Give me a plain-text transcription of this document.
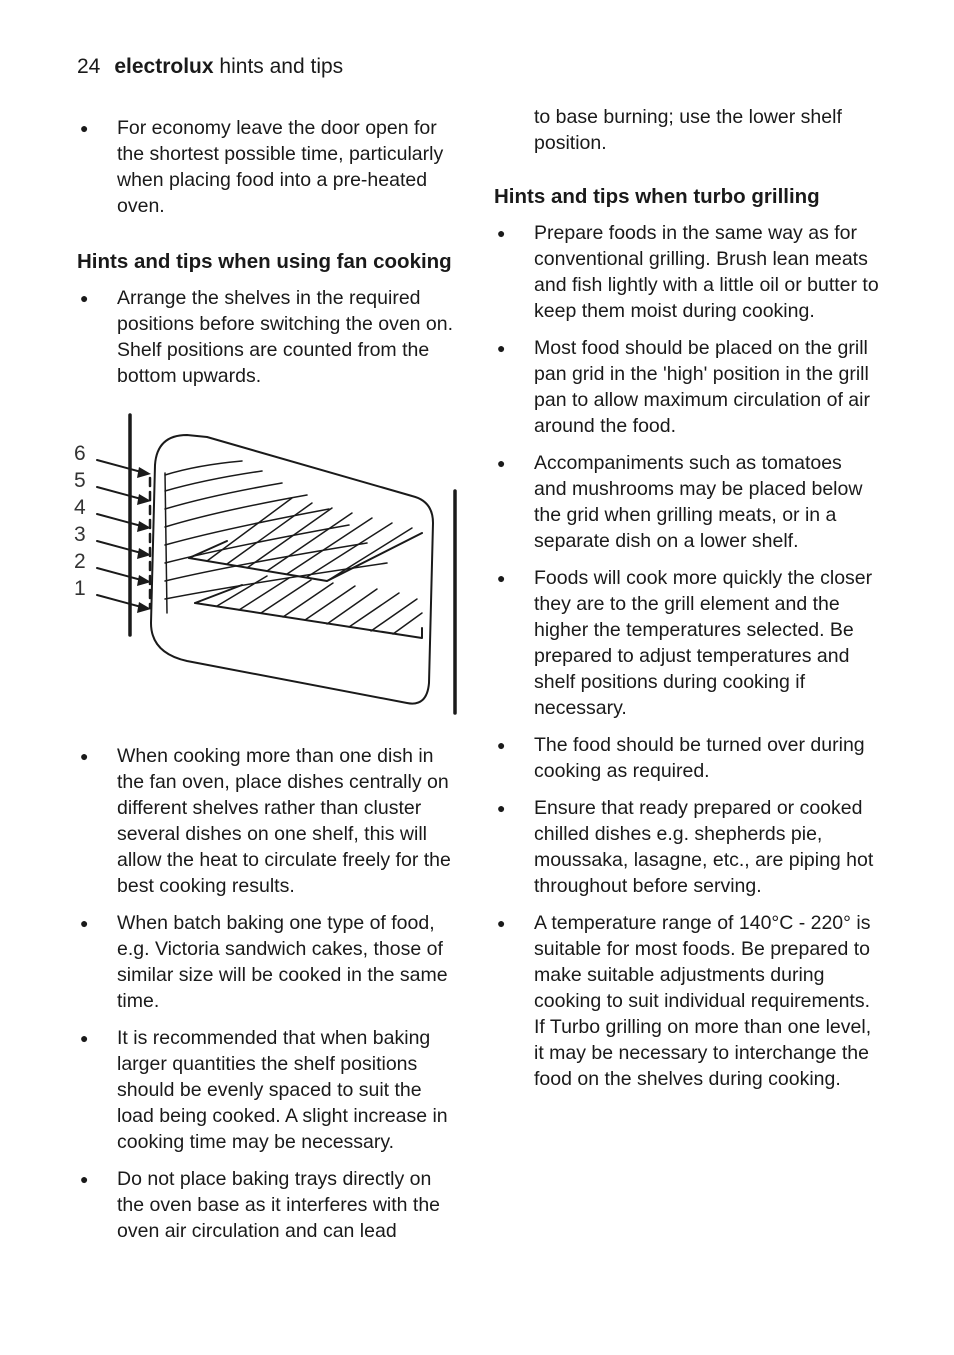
24 electrolux hints and tips
● For economy leave the door open for the shortest possible time, particularly when placing food into a pre-heated oven.
Hints and tips when using fan cooking
● Arrange the shelves in the required positions before switching the oven on. Shelf positions are counted from the bottom upwards.
6
5
4
3
2
1
● When cooking more than one dish in the fan oven, place dishes centrally on different shelves rather than cluster several dishes on one shelf, this will allow the heat to circulate freely for the best cooking results.
● When batch baking one type of food, e.g. Victoria sandwich cakes, those of similar size will be cooked in the same time.
● It is recommended that when baking larger quantities the shelf positions should be evenly spaced to suit the load being cooked. A slight increase in cooking time may be necessary.
● Do not place baking trays directly on the oven base as it interferes with the oven air circulation and can lead
to base burning; use the lower shelf position.
Hints and tips when turbo grilling
● Prepare foods in the same way as for conventional grilling. Brush lean meats and fish lightly with a little oil or butter to keep them moist during cooking.
● Most food should be placed on the grill pan grid in the 'high' position in the grill pan to allow maximum circulation of air around the food.
● Accompaniments such as tomatoes and mushrooms may be placed below the grid when grilling meats, or in a separate dish on a lower shelf.
● Foods will cook more quickly the closer they are to the grill element and the higher the temperatures selected. Be prepared to adjust temperatures and shelf positions during cooking if necessary.
● The food should be turned over during cooking as required.
● Ensure that ready prepared or cooked chilled dishes e.g. shepherds pie, moussaka, lasagne, etc., are piping hot throughout before serving.
● A temperature range of 140°C - 220° is suitable for most foods. Be prepared to make suitable adjustments during cooking to suit individual requirements. If Turbo grilling on more than one level, it may be necessary to interchange the food on the shelves during cooking.
